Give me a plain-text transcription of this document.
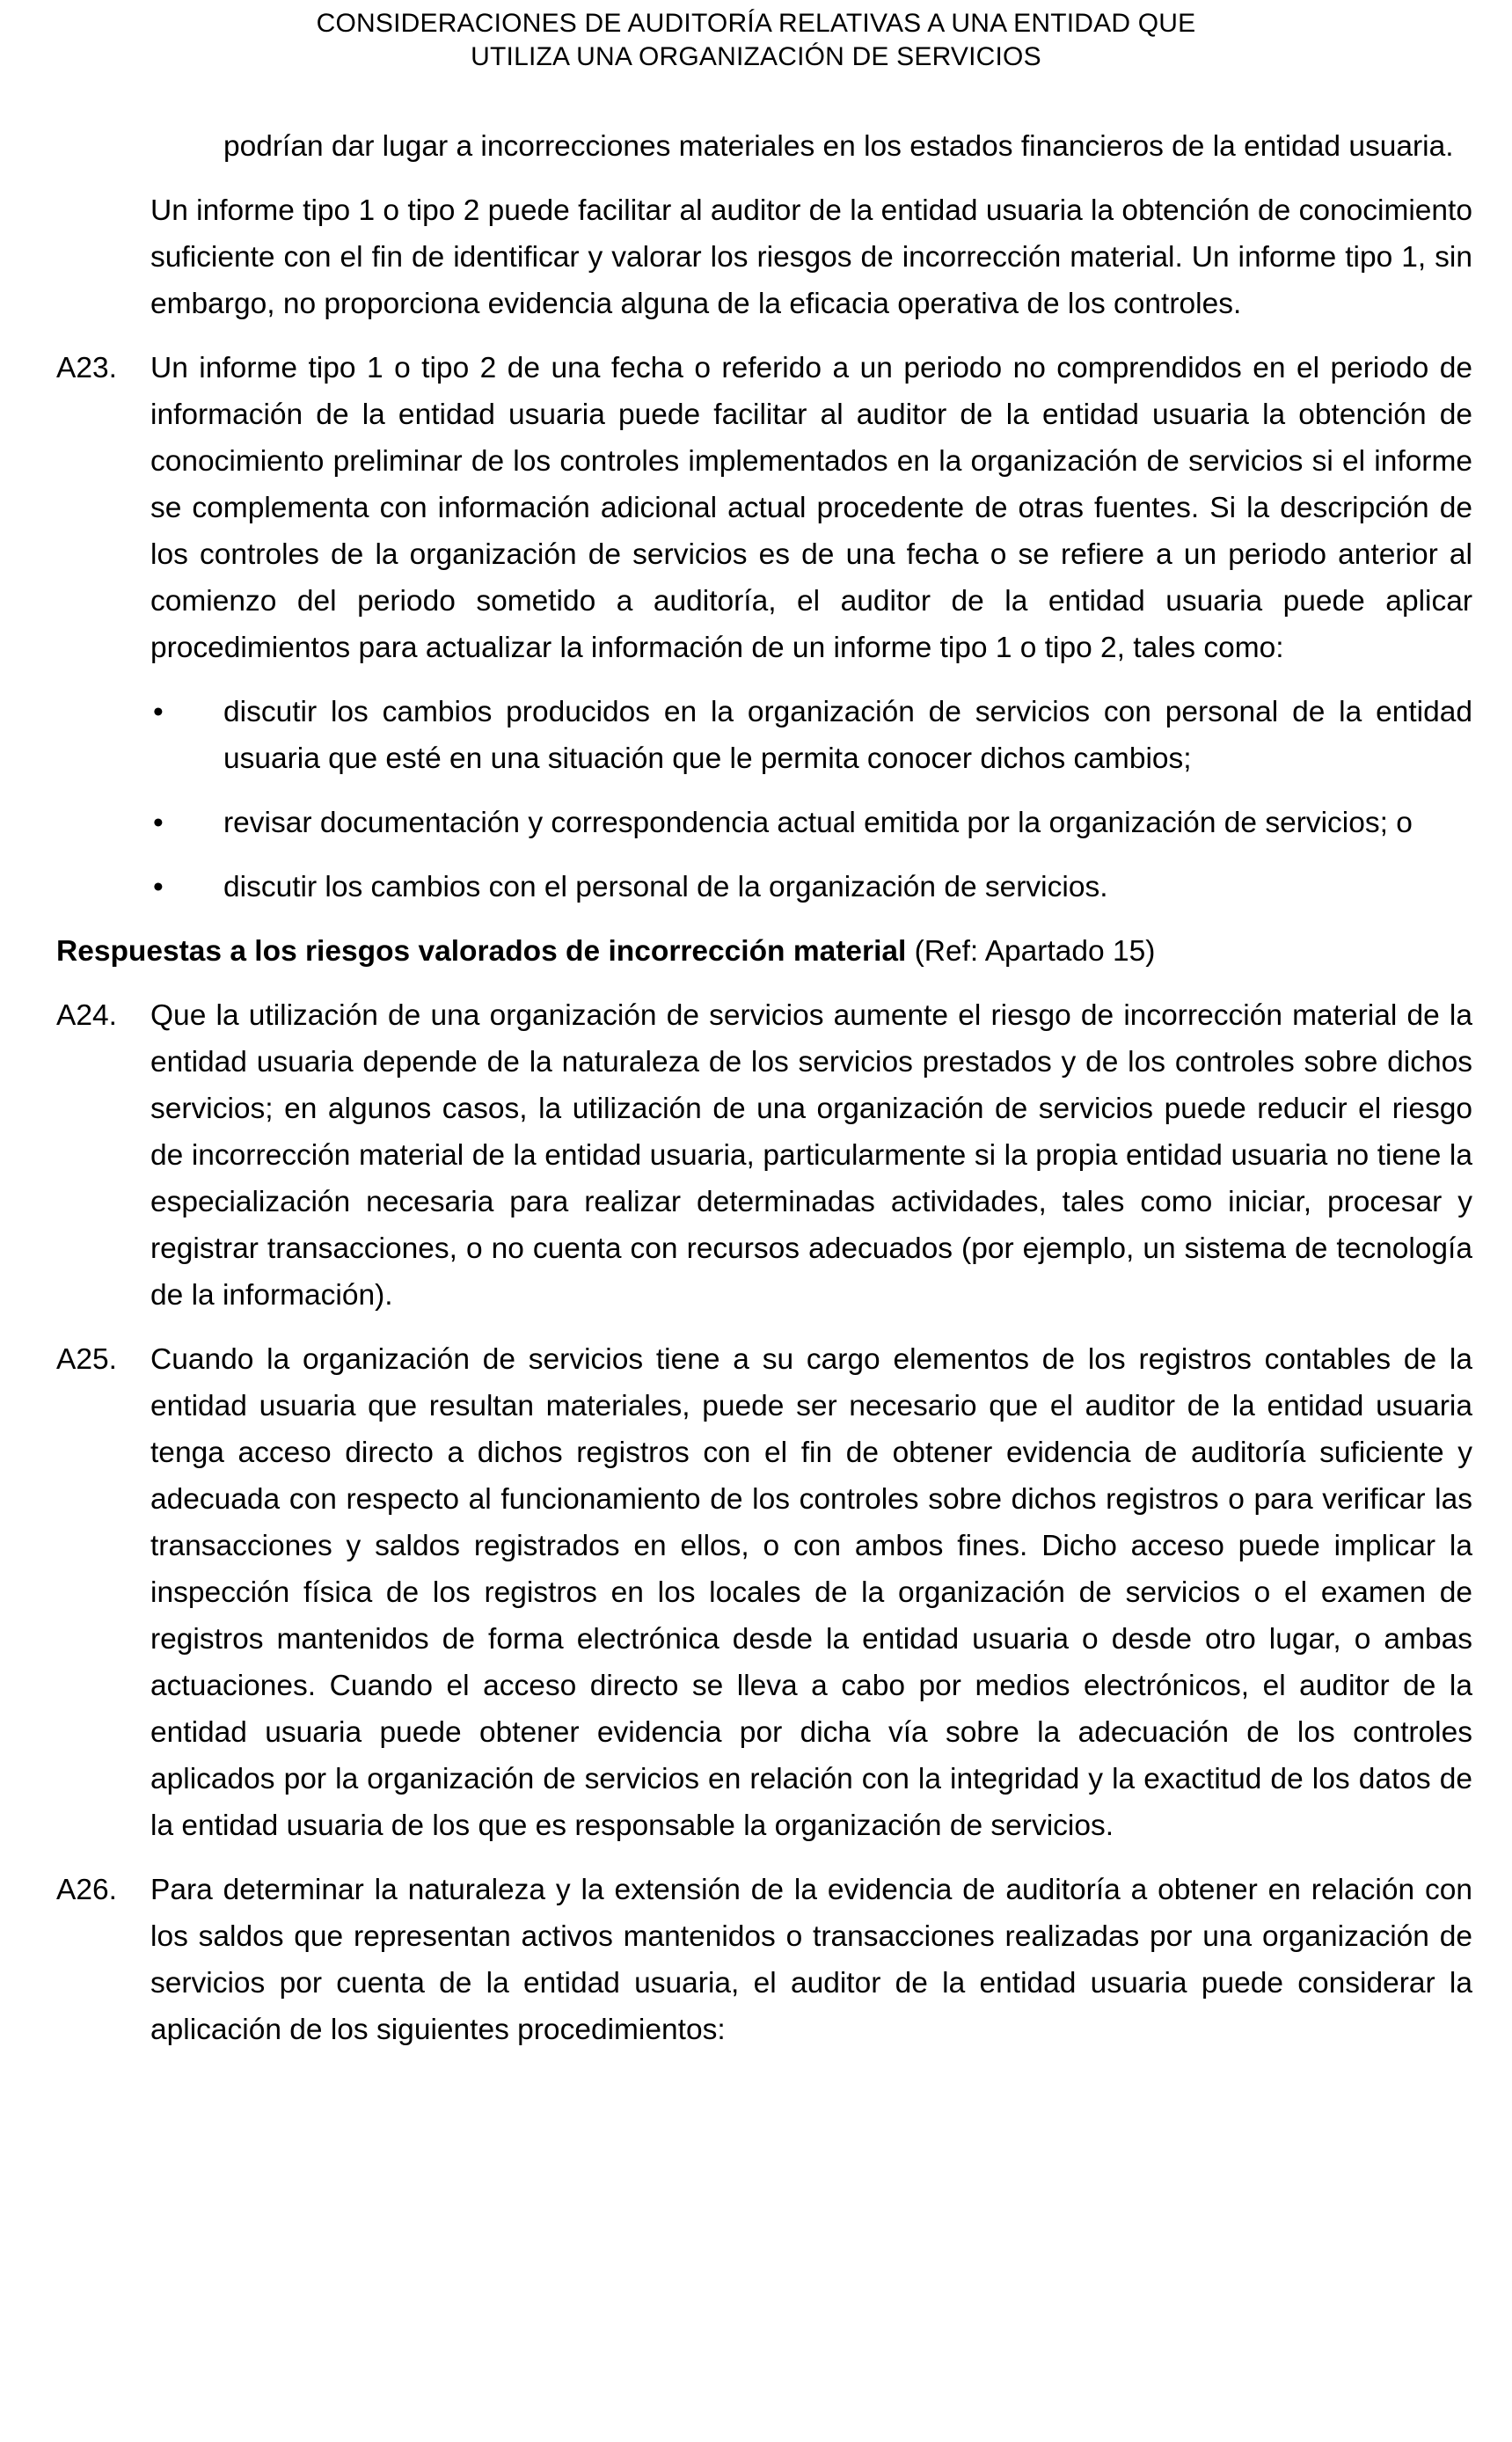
CONSIDERACIONES DE AUDITORÍA RELATIVAS A UNA ENTIDAD QUE
UTILIZA UNA ORGANIZACIÓN DE SERVICIOS

podrían dar lugar a incorrecciones materiales en los estados financieros de la entidad usuaria.

Un informe tipo 1 o tipo 2 puede facilitar al auditor de la entidad usuaria la obtención de conocimiento suficiente con el fin de identificar y valorar los riesgos de incorrección material. Un informe tipo 1, sin embargo, no proporciona evidencia alguna de la eficacia operativa de los controles.

A23. Un informe tipo 1 o tipo 2 de una fecha o referido a un periodo no comprendidos en el periodo de información de la entidad usuaria puede facilitar al auditor de la entidad usuaria la obtención de conocimiento preliminar de los controles implementados en la organización de servicios si el informe se complementa con información adicional actual procedente de otras fuentes. Si la descripción de los controles de la organización de servicios es de una fecha o se refiere a un periodo anterior al comienzo del periodo sometido a auditoría, el auditor de la entidad usuaria puede aplicar procedimientos para actualizar la información de un informe tipo 1 o tipo 2, tales como:
• discutir los cambios producidos en la organización de servicios con personal de la entidad usuaria que esté en una situación que le permita conocer dichos cambios;
• revisar documentación y correspondencia actual emitida por la organización de servicios; o
• discutir los cambios con el personal de la organización de servicios.
Respuestas a los riesgos valorados de incorrección material (Ref: Apartado 15)
A24. Que la utilización de una organización de servicios aumente el riesgo de incorrección material de la entidad usuaria depende de la naturaleza de los servicios prestados y de los controles sobre dichos servicios; en algunos casos, la utilización de una organización de servicios puede reducir el riesgo de incorrección material de la entidad usuaria, particularmente si la propia entidad usuaria no tiene la especialización necesaria para realizar determinadas actividades, tales como iniciar, procesar y registrar transacciones, o no cuenta con recursos adecuados (por ejemplo, un sistema de tecnología de la información).
A25. Cuando la organización de servicios tiene a su cargo elementos de los registros contables de la entidad usuaria que resultan materiales, puede ser necesario que el auditor de la entidad usuaria tenga acceso directo a dichos registros con el fin de obtener evidencia de auditoría suficiente y adecuada con respecto al funcionamiento de los controles sobre dichos registros o para verificar las transacciones y saldos registrados en ellos, o con ambos fines. Dicho acceso puede implicar la inspección física de los registros en los locales de la organización de servicios o el examen de registros mantenidos de forma electrónica desde la entidad usuaria o desde otro lugar, o ambas actuaciones. Cuando el acceso directo se lleva a cabo por medios electrónicos, el auditor de la entidad usuaria puede obtener evidencia por dicha vía sobre la adecuación de los controles aplicados por la organización de servicios en relación con la integridad y la exactitud de los datos de la entidad usuaria de los que es responsable la organización de servicios.
A26. Para determinar la naturaleza y la extensión de la evidencia de auditoría a obtener en relación con los saldos que representan activos mantenidos o transacciones realizadas por una organización de servicios por cuenta de la entidad usuaria, el auditor de la entidad usuaria puede considerar la aplicación de los siguientes procedimientos:
